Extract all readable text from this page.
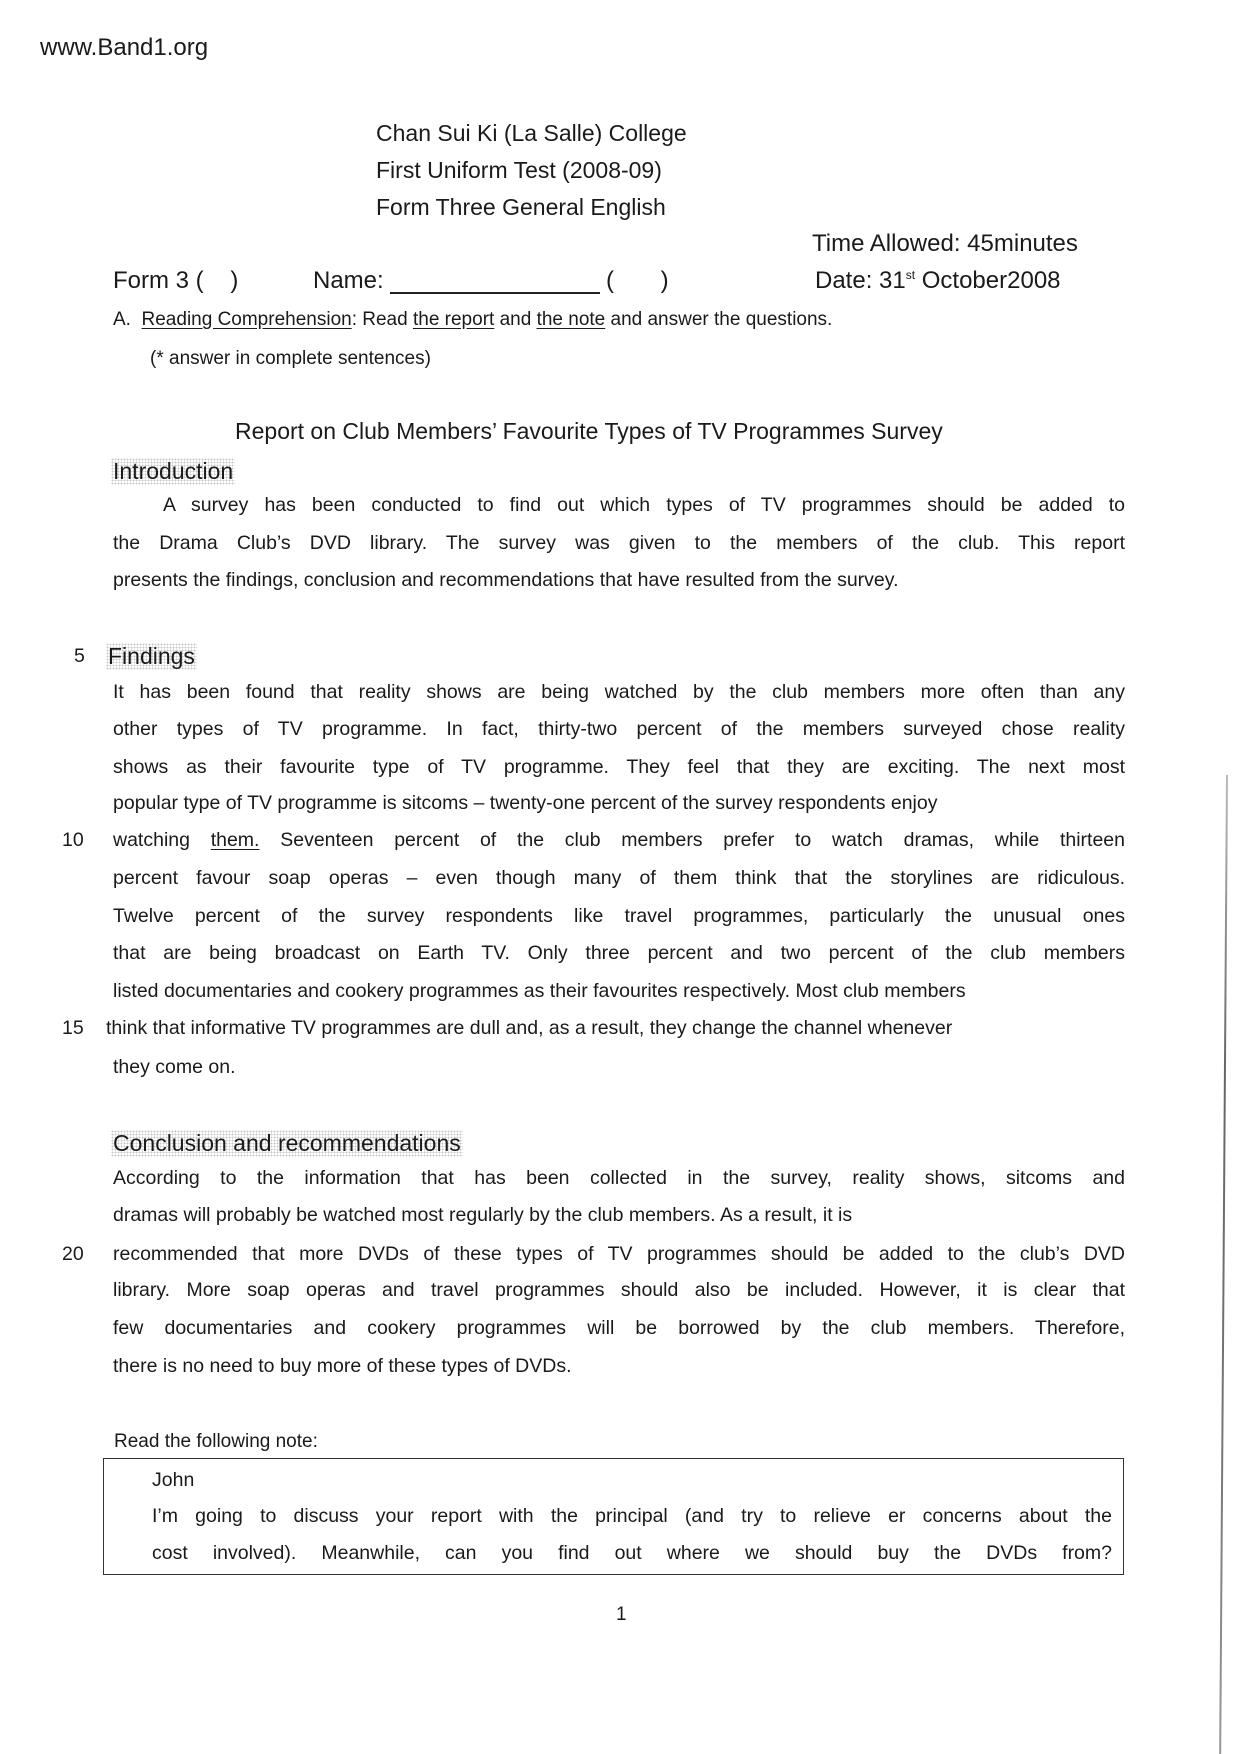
www.Band1.org
Chan Sui Ki (La Salle) College
First Uniform Test (2008-09)
Form Three General English
Time Allowed: 45minutes
Form 3 (    )	Name:	(       )	Date: 31st October2008
A. Reading Comprehension: Read the report and the note and answer the questions.
(* answer in complete sentences)
Report on Club Members’ Favourite Types of TV Programmes Survey
Introduction
A survey has been conducted to find out which types of TV programmes should be added to
the Drama Club’s DVD library. The survey was given to the members of the club. This report
presents the findings, conclusion and recommendations that have resulted from the survey.
5 Findings
It has been found that reality shows are being watched by the club members more often than any
other types of TV programme. In fact, thirty-two percent of the members surveyed chose reality
shows as their favourite type of TV programme. They feel that they are exciting. The next most
popular type of TV programme is sitcoms – twenty-one percent of the survey respondents enjoy
10 watching them. Seventeen percent of the club members prefer to watch dramas, while thirteen
percent favour soap operas – even though many of them think that the storylines are ridiculous.
Twelve percent of the survey respondents like travel programmes, particularly the unusual ones
that are being broadcast on Earth TV. Only three percent and two percent of the club members
listed documentaries and cookery programmes as their favourites respectively. Most club members
15 think that informative TV programmes are dull and, as a result, they change the channel whenever
they come on.
Conclusion and recommendations
According to the information that has been collected in the survey, reality shows, sitcoms and
dramas will probably be watched most regularly by the club members. As a result, it is
20 recommended that more DVDs of these types of TV programmes should be added to the club’s DVD
library. More soap operas and travel programmes should also be included. However, it is clear that
few documentaries and cookery programmes will be borrowed by the club members. Therefore,
there is no need to buy more of these types of DVDs.
Read the following note:
John
I’m going to discuss your report with the principal (and try to relieve er concerns about the
cost involved). Meanwhile, can you find out where we should buy the DVDs from?
1
